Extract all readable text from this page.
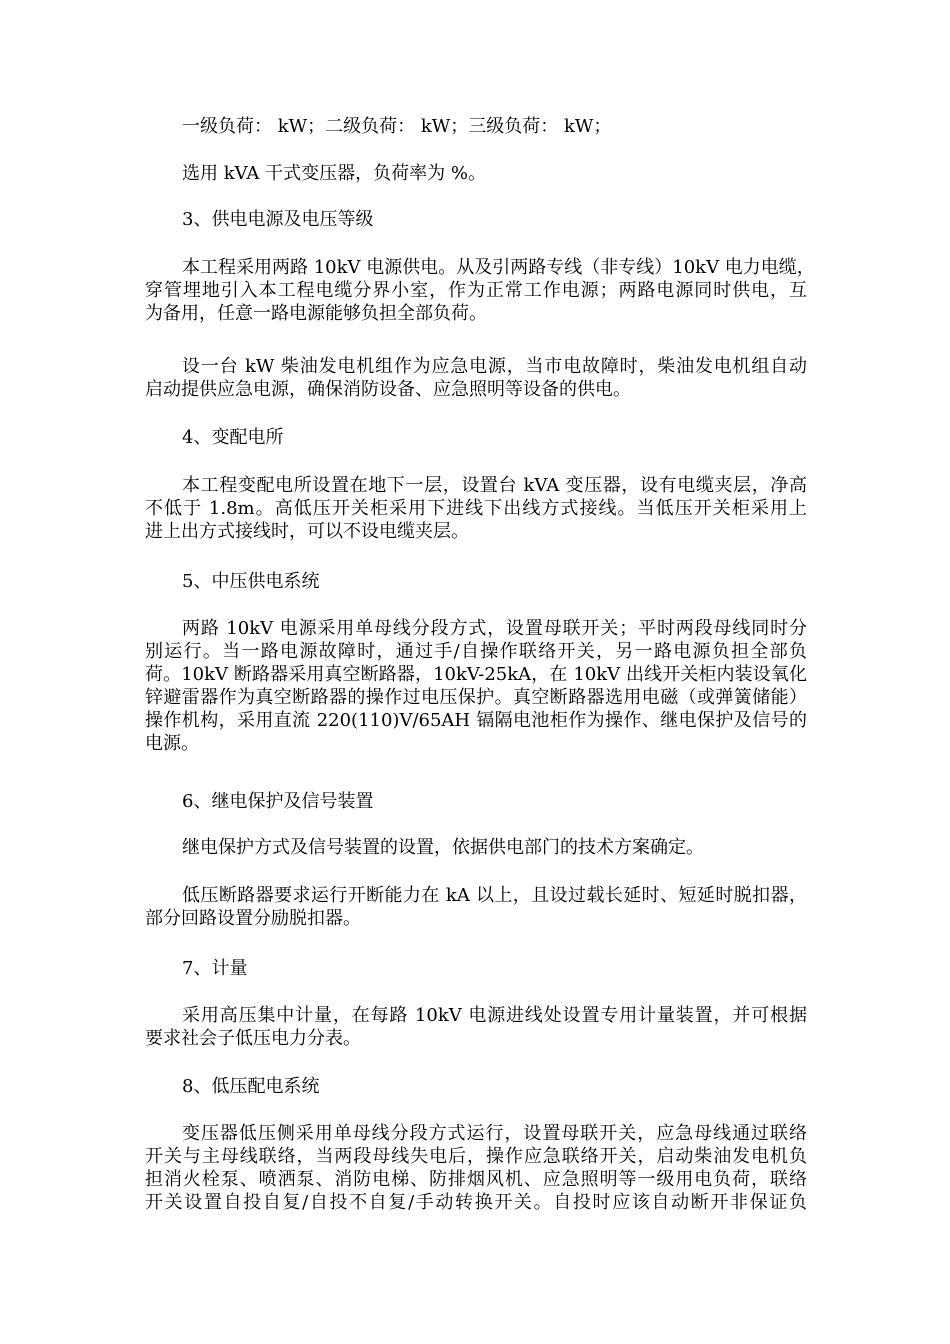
一级负荷： kW；二级负荷： kW；三级负荷： kW；

选用 kVA 干式变压器，负荷率为 %。

3、供电电源及电压等级

本工程采用两路 10kV 电源供电。从及引两路专线（非专线）10kV 电力电缆，
穿管埋地引入本工程电缆分界小室，作为正常工作电源；两路电源同时供电，互
为备用，任意一路电源能够负担全部负荷。
设一台 kW 柴油发电机组作为应急电源，当市电故障时，柴油发电机组自动
启动提供应急电源，确保消防设备、应急照明等设备的供电。

4、变配电所

本工程变配电所设置在地下一层，设置台 kVA 变压器，设有电缆夹层，净高
不低于 1.8m。高低压开关柜采用下进线下出线方式接线。当低压开关柜采用上
进上出方式接线时，可以不设电缆夹层。

5、中压供电系统

两路 10kV 电源采用单母线分段方式，设置母联开关；平时两段母线同时分
别运行。当一路电源故障时，通过手/自操作联络开关，另一路电源负担全部负
荷。10kV 断路器采用真空断路器，10kV-25kA，在 10kV 出线开关柜内装设氧化
锌避雷器作为真空断路器的操作过电压保护。真空断路器选用电磁（或弹簧储能）
操作机构，采用直流 220(110)V/65AH 镉隔电池柜作为操作、继电保护及信号的
电源。

6、继电保护及信号装置

继电保护方式及信号装置的设置，依据供电部门的技术方案确定。

低压断路器要求运行开断能力在 kA 以上，且设过载长延时、短延时脱扣器，
部分回路设置分励脱扣器。

7、计量

采用高压集中计量，在每路 10kV 电源进线处设置专用计量装置，并可根据
要求社会子低压电力分表。

8、低压配电系统

变压器低压侧采用单母线分段方式运行，设置母联开关，应急母线通过联络
开关与主母线联络，当两段母线失电后，操作应急联络开关，启动柴油发电机负
担消火栓泵、喷洒泵、消防电梯、防排烟风机、应急照明等一级用电负荷，联络
开关设置自投自复/自投不自复/手动转换开关。自投时应该自动断开非保证负
